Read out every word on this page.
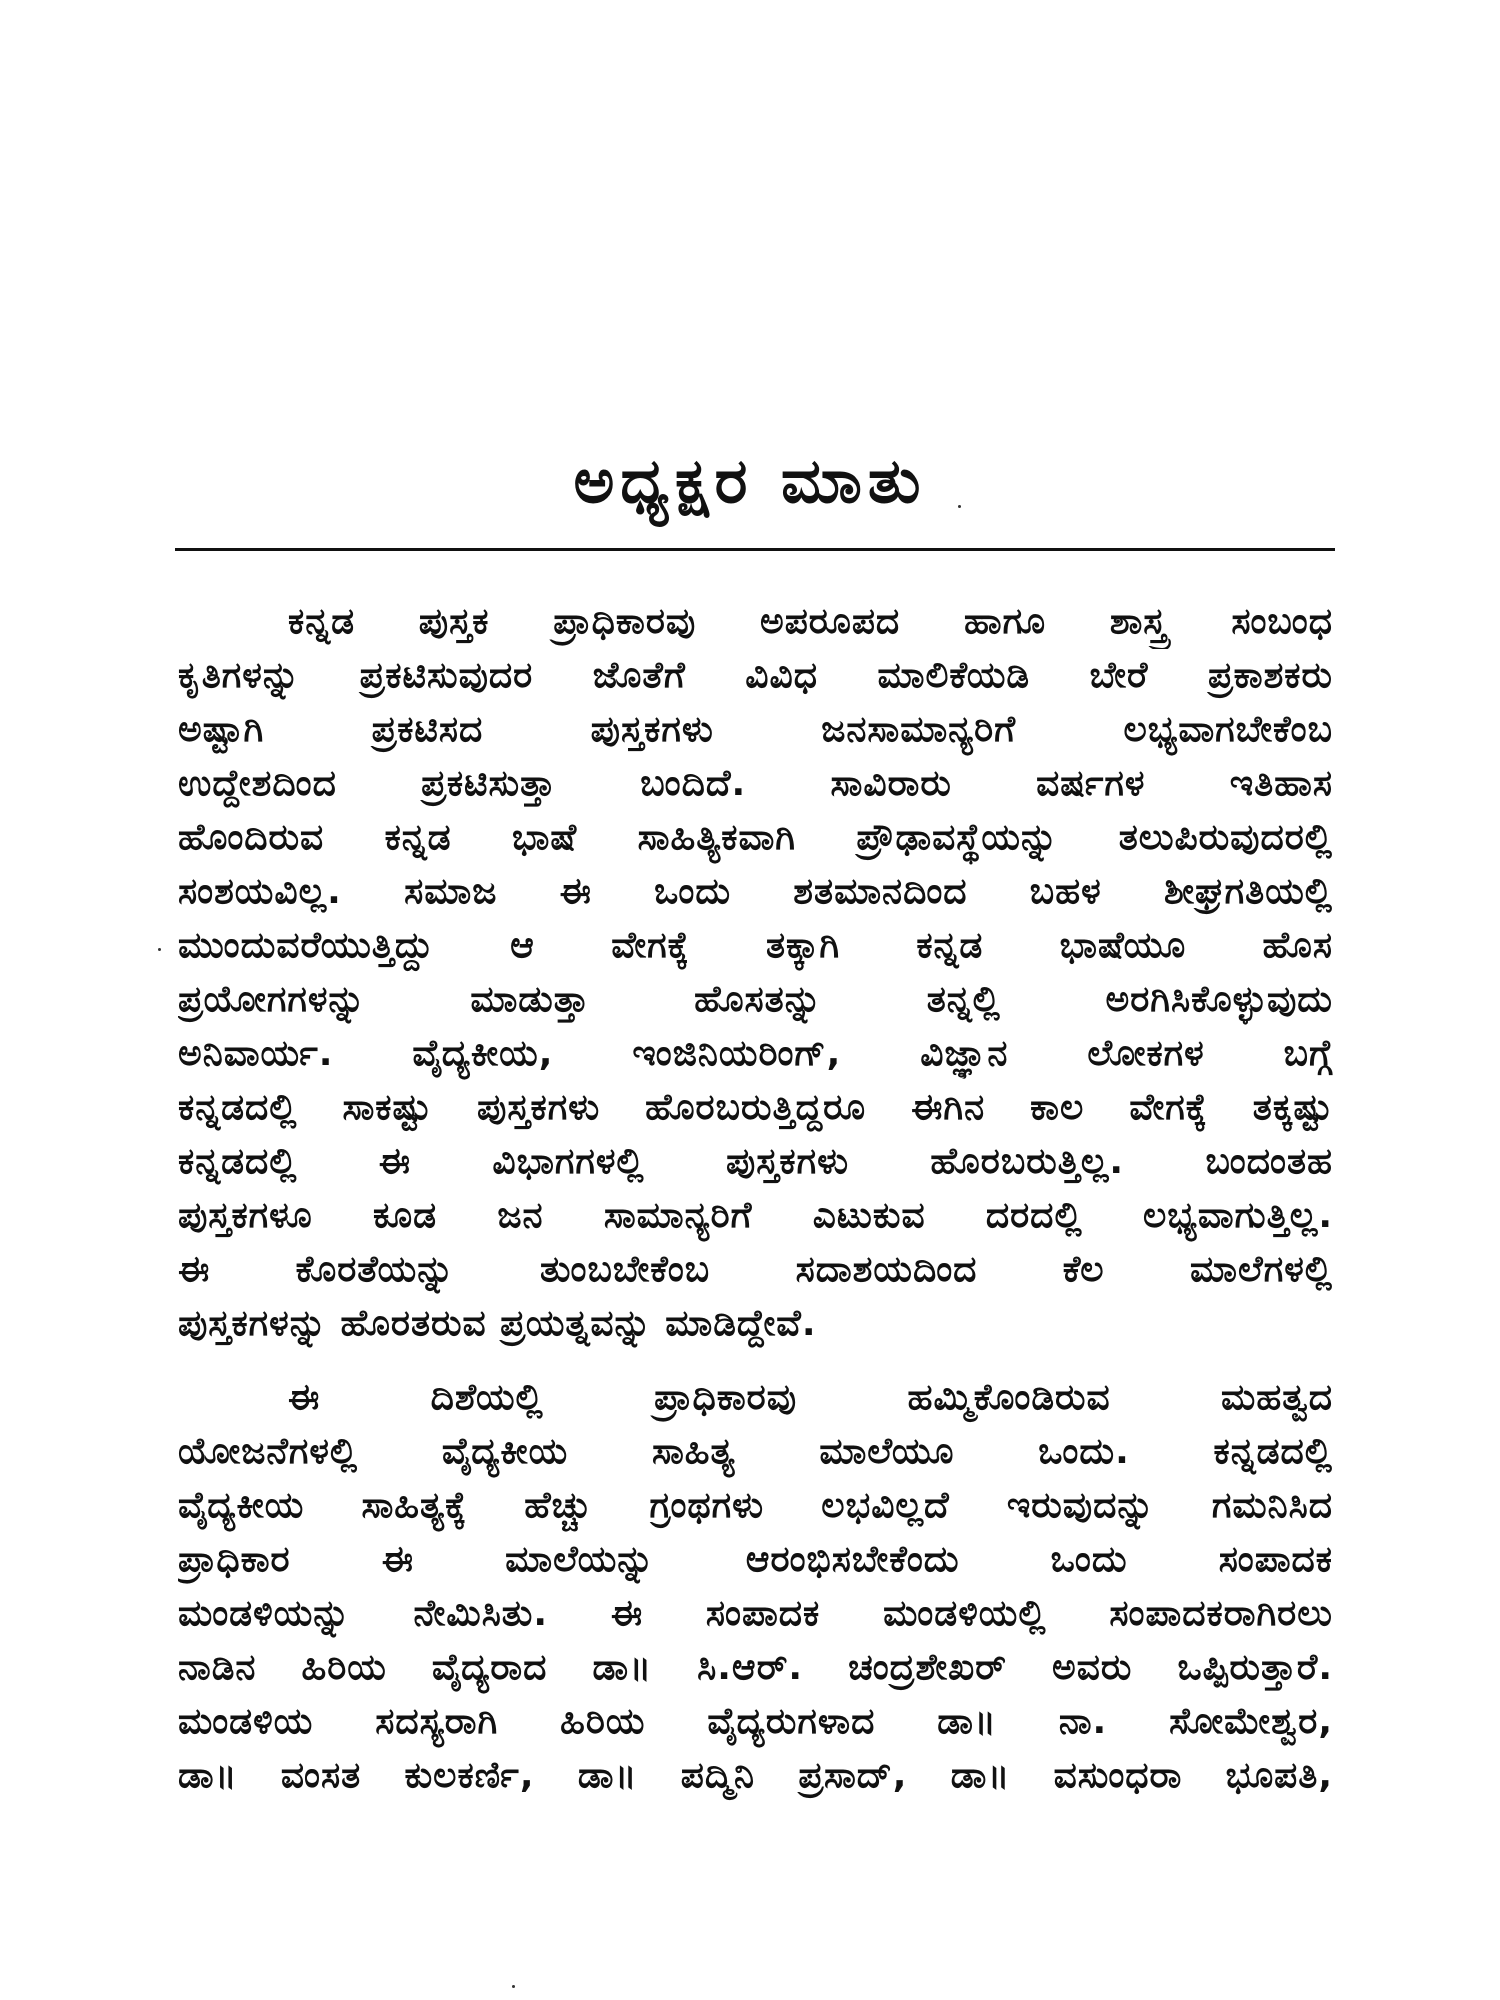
ಅಧ್ಯಕ್ಷರ ಮಾತು
ಕನ್ನಡ ಪುಸ್ತಕ ಪ್ರಾಧಿಕಾರವು ಅಪರೂಪದ ಹಾಗೂ ಶಾಸ್ತ್ರ ಸಂಬಂಧ
ಕೃತಿಗಳನ್ನು ಪ್ರಕಟಿಸುವುದರ ಜೊತೆಗೆ ವಿವಿಧ ಮಾಲಿಕೆಯಡಿ ಬೇರೆ ಪ್ರಕಾಶಕರು
ಅಷ್ಟಾಗಿ ಪ್ರಕಟಿಸದ ಪುಸ್ತಕಗಳು ಜನಸಾಮಾನ್ಯರಿಗೆ ಲಭ್ಯವಾಗಬೇಕೆಂಬ
ಉದ್ದೇಶದಿಂದ ಪ್ರಕಟಿಸುತ್ತಾ ಬಂದಿದೆ. ಸಾವಿರಾರು ವರ್ಷಗಳ ಇತಿಹಾಸ
ಹೊಂದಿರುವ ಕನ್ನಡ ಭಾಷೆ ಸಾಹಿತ್ಯಿಕವಾಗಿ ಪ್ರೌಢಾವಸ್ಥೆಯನ್ನು ತಲುಪಿರುವುದರಲ್ಲಿ
ಸಂಶಯವಿಲ್ಲ. ಸಮಾಜ ಈ ಒಂದು ಶತಮಾನದಿಂದ ಬಹಳ ಶೀಘ್ರಗತಿಯಲ್ಲಿ
ಮುಂದುವರೆಯುತ್ತಿದ್ದು ಆ ವೇಗಕ್ಕೆ ತಕ್ಕಾಗಿ ಕನ್ನಡ ಭಾಷೆಯೂ ಹೊಸ
ಪ್ರಯೋಗಗಳನ್ನು ಮಾಡುತ್ತಾ ಹೊಸತನ್ನು ತನ್ನಲ್ಲಿ ಅರಗಿಸಿಕೊಳ್ಳುವುದು
ಅನಿವಾರ್ಯ. ವೈದ್ಯಕೀಯ, ಇಂಜಿನಿಯರಿಂಗ್, ವಿಜ್ಞಾನ ಲೋಕಗಳ ಬಗ್ಗೆ
ಕನ್ನಡದಲ್ಲಿ ಸಾಕಷ್ಟು ಪುಸ್ತಕಗಳು ಹೊರಬರುತ್ತಿದ್ದರೂ ಈಗಿನ ಕಾಲ ವೇಗಕ್ಕೆ ತಕ್ಕಷ್ಟು
ಕನ್ನಡದಲ್ಲಿ ಈ ವಿಭಾಗಗಳಲ್ಲಿ ಪುಸ್ತಕಗಳು ಹೊರಬರುತ್ತಿಲ್ಲ. ಬಂದಂತಹ
ಪುಸ್ತಕಗಳೂ ಕೂಡ ಜನ ಸಾಮಾನ್ಯರಿಗೆ ಎಟುಕುವ ದರದಲ್ಲಿ ಲಭ್ಯವಾಗುತ್ತಿಲ್ಲ.
ಈ ಕೊರತೆಯನ್ನು ತುಂಬಬೇಕೆಂಬ ಸದಾಶಯದಿಂದ ಕೆಲ ಮಾಲೆಗಳಲ್ಲಿ
ಪುಸ್ತಕಗಳನ್ನು ಹೊರತರುವ ಪ್ರಯತ್ನವನ್ನು ಮಾಡಿದ್ದೇವೆ.
ಈ ದಿಶೆಯಲ್ಲಿ ಪ್ರಾಧಿಕಾರವು ಹಮ್ಮಿಕೊಂಡಿರುವ ಮಹತ್ವದ
ಯೋಜನೆಗಳಲ್ಲಿ ವೈದ್ಯಕೀಯ ಸಾಹಿತ್ಯ ಮಾಲೆಯೂ ಒಂದು. ಕನ್ನಡದಲ್ಲಿ
ವೈದ್ಯಕೀಯ ಸಾಹಿತ್ಯಕ್ಕೆ ಹೆಚ್ಚು ಗ್ರಂಥಗಳು ಲಭವಿಲ್ಲದೆ ಇರುವುದನ್ನು ಗಮನಿಸಿದ
ಪ್ರಾಧಿಕಾರ ಈ ಮಾಲೆಯನ್ನು ಆರಂಭಿಸಬೇಕೆಂದು ಒಂದು ಸಂಪಾದಕ
ಮಂಡಳಿಯನ್ನು ನೇಮಿಸಿತು. ಈ ಸಂಪಾದಕ ಮಂಡಳಿಯಲ್ಲಿ ಸಂಪಾದಕರಾಗಿರಲು
ನಾಡಿನ ಹಿರಿಯ ವೈದ್ಯರಾದ ಡಾ॥ ಸಿ.ಆರ್. ಚಂದ್ರಶೇಖರ್ ಅವರು ಒಪ್ಪಿರುತ್ತಾರೆ.
ಮಂಡಳಿಯ ಸದಸ್ಯರಾಗಿ ಹಿರಿಯ ವೈದ್ಯರುಗಳಾದ ಡಾ॥ ನಾ. ಸೋಮೇಶ್ವರ,
ಡಾ॥ ವಂಸತ ಕುಲಕರ್ಣಿ, ಡಾ॥ ಪದ್ಮಿನಿ ಪ್ರಸಾದ್, ಡಾ॥ ವಸುಂಧರಾ ಭೂಪತಿ,
